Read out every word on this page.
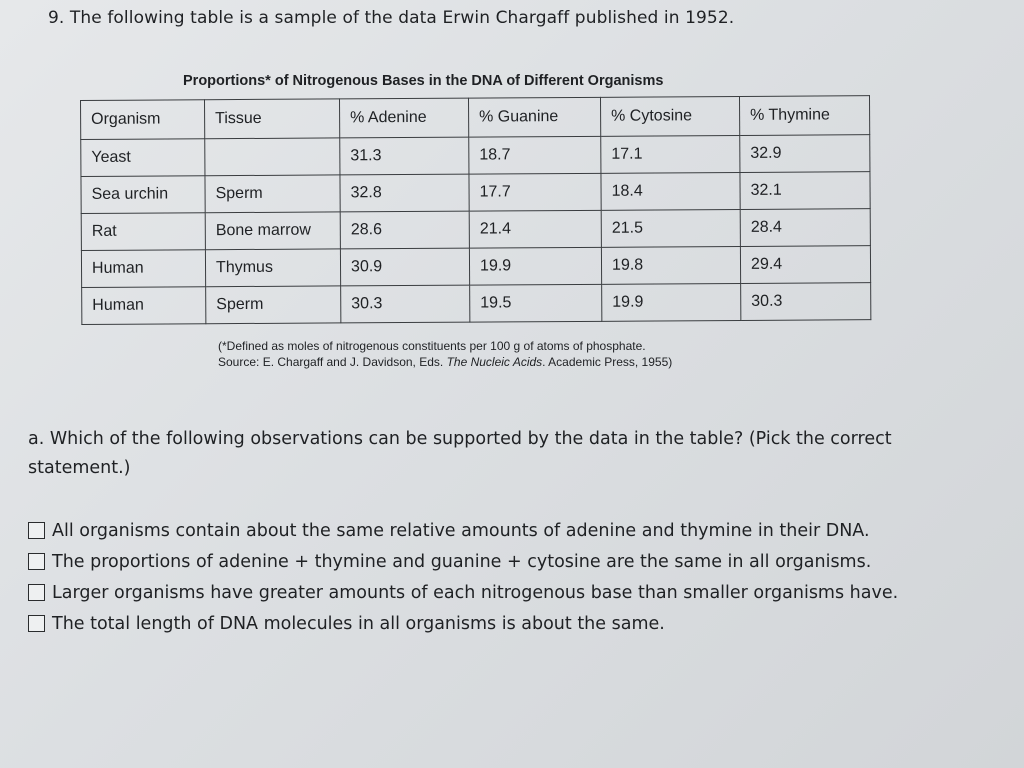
9. The following table is a sample of the data Erwin Chargaff published in 1952.
Proportions* of Nitrogenous Bases in the DNA of Different Organisms
Organism	Tissue	% Adenine	% Guanine	% Cytosine	% Thymine
Yeast		31.3	18.7	17.1	32.9
Sea urchin	Sperm	32.8	17.7	18.4	32.1
Rat	Bone marrow	28.6	21.4	21.5	28.4
Human	Thymus	30.9	19.9	19.8	29.4
Human	Sperm	30.3	19.5	19.9	30.3
(*Defined as moles of nitrogenous constituents per 100 g of atoms of phosphate.
Source: E. Chargaff and J. Davidson, Eds. The Nucleic Acids. Academic Press, 1955)
a. Which of the following observations can be supported by the data in the table? (Pick the correct statement.)
All organisms contain about the same relative amounts of adenine and thymine in their DNA.
The proportions of adenine + thymine and guanine + cytosine are the same in all organisms.
Larger organisms have greater amounts of each nitrogenous base than smaller organisms have.
The total length of DNA molecules in all organisms is about the same.
